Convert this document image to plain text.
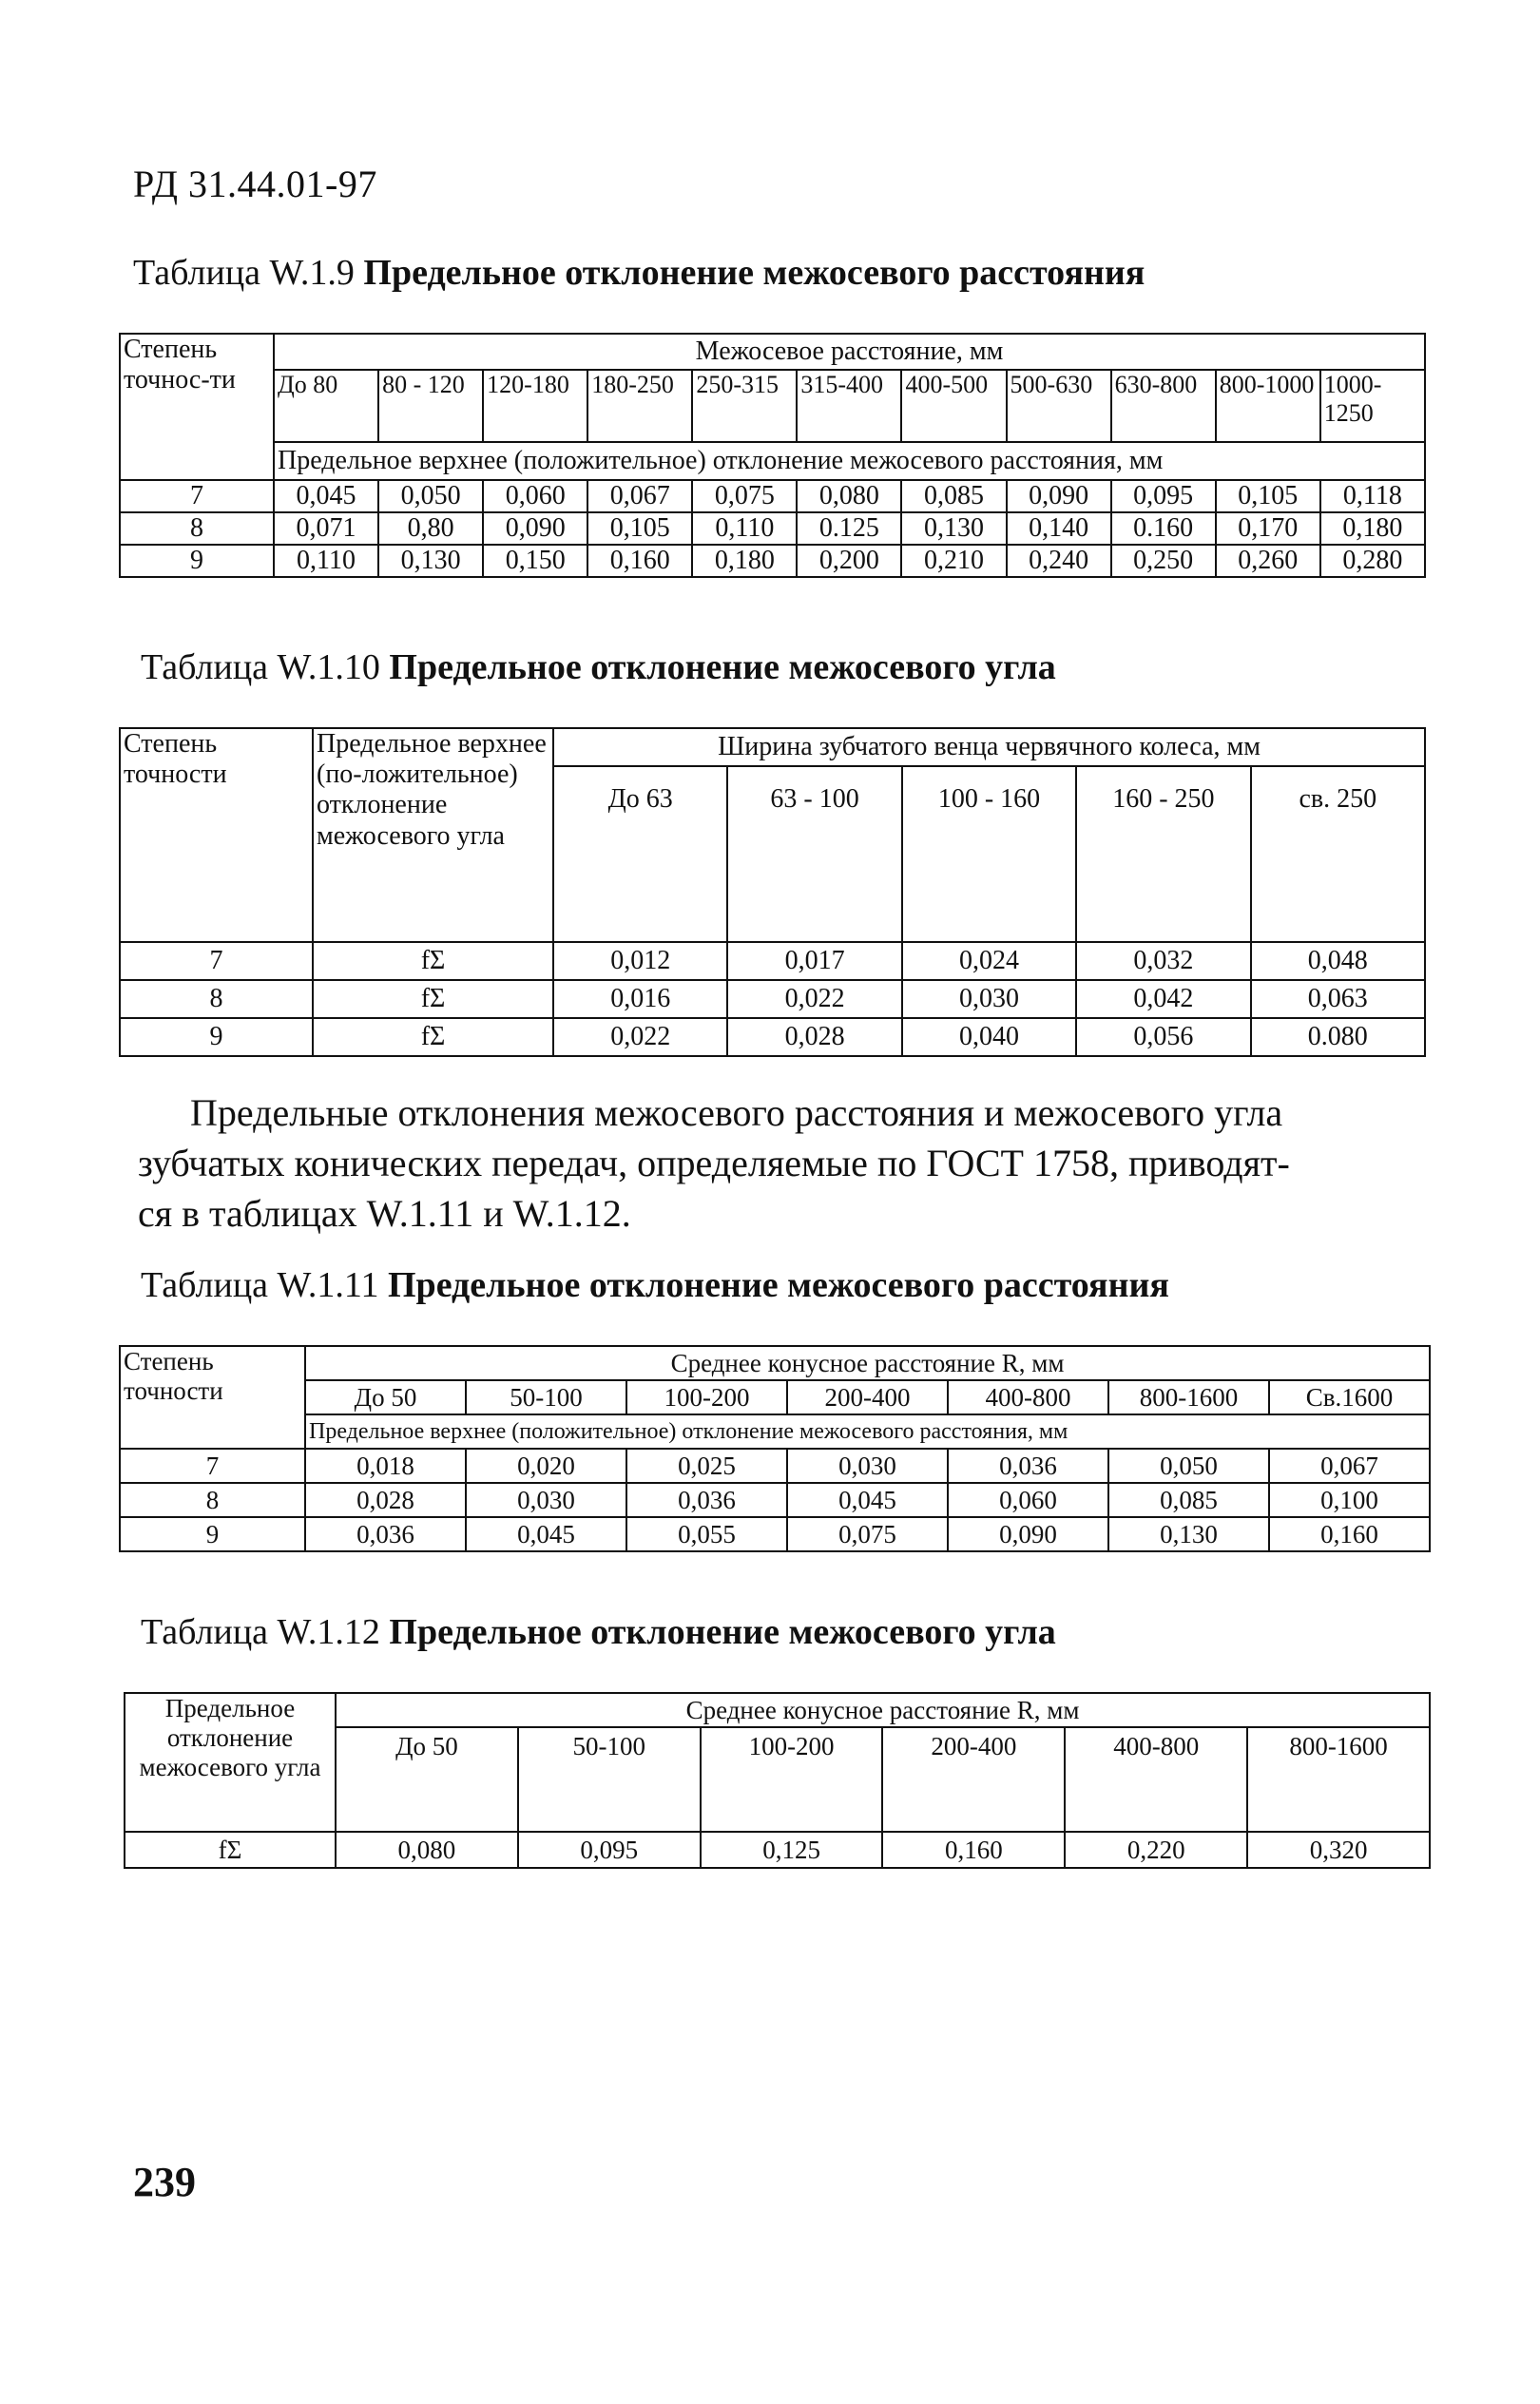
РД 31.44.01-97
Таблица W.1.9 Предельное отклонение межосевого расстояния
Степень точнос-ти	Межосевое расстояние, мм										
	До 80	80 - 120	120-180	180-250	250-315	315-400	400-500	500-630	630-800	800-1000	1000-1250
	Предельное верхнее (положительное) отклонение межосевого расстояния, мм										
7	0,045	0,050	0,060	0,067	0,075	0,080	0,085	0,090	0,095	0,105	0,118
8	0,071	0,80	0,090	0,105	0,110	0.125	0,130	0,140	0.160	0,170	0,180
9	0,110	0,130	0,150	0,160	0,180	0,200	0,210	0,240	0,250	0,260	0,280
Таблица W.1.10 Предельное отклонение межосевого угла
Степень точности	Предельное верхнее (по-ложительное) отклонение межосевого угла	Ширина зубчатого венца червячного колеса, мм				
		До 63	63 - 100	100 - 160	160 - 250	св. 250
7	fΣ	0,012	0,017	0,024	0,032	0,048
8	fΣ	0,016	0,022	0,030	0,042	0,063
9	fΣ	0,022	0,028	0,040	0,056	0.080
Предельные отклонения межосевого расстояния и межосевого угла
зубчатых конических передач, определяемые по ГОСТ 1758, приводят-
ся в таблицах W.1.11 и W.1.12.
Таблица W.1.11 Предельное отклонение межосевого расстояния
Степень точности	Среднее конусное расстояние R, мм						
	До 50	50-100	100-200	200-400	400-800	800-1600	Св.1600
	Предельное верхнее (положительное) отклонение межосевого расстояния, мм						
7	0,018	0,020	0,025	0,030	0,036	0,050	0,067
8	0,028	0,030	0,036	0,045	0,060	0,085	0,100
9	0,036	0,045	0,055	0,075	0,090	0,130	0,160
Таблица W.1.12 Предельное отклонение межосевого угла
Предельное отклонение межосевого угла	Среднее конусное расстояние R, мм					
	До 50	50-100	100-200	200-400	400-800	800-1600
fΣ	0,080	0,095	0,125	0,160	0,220	0,320
239
